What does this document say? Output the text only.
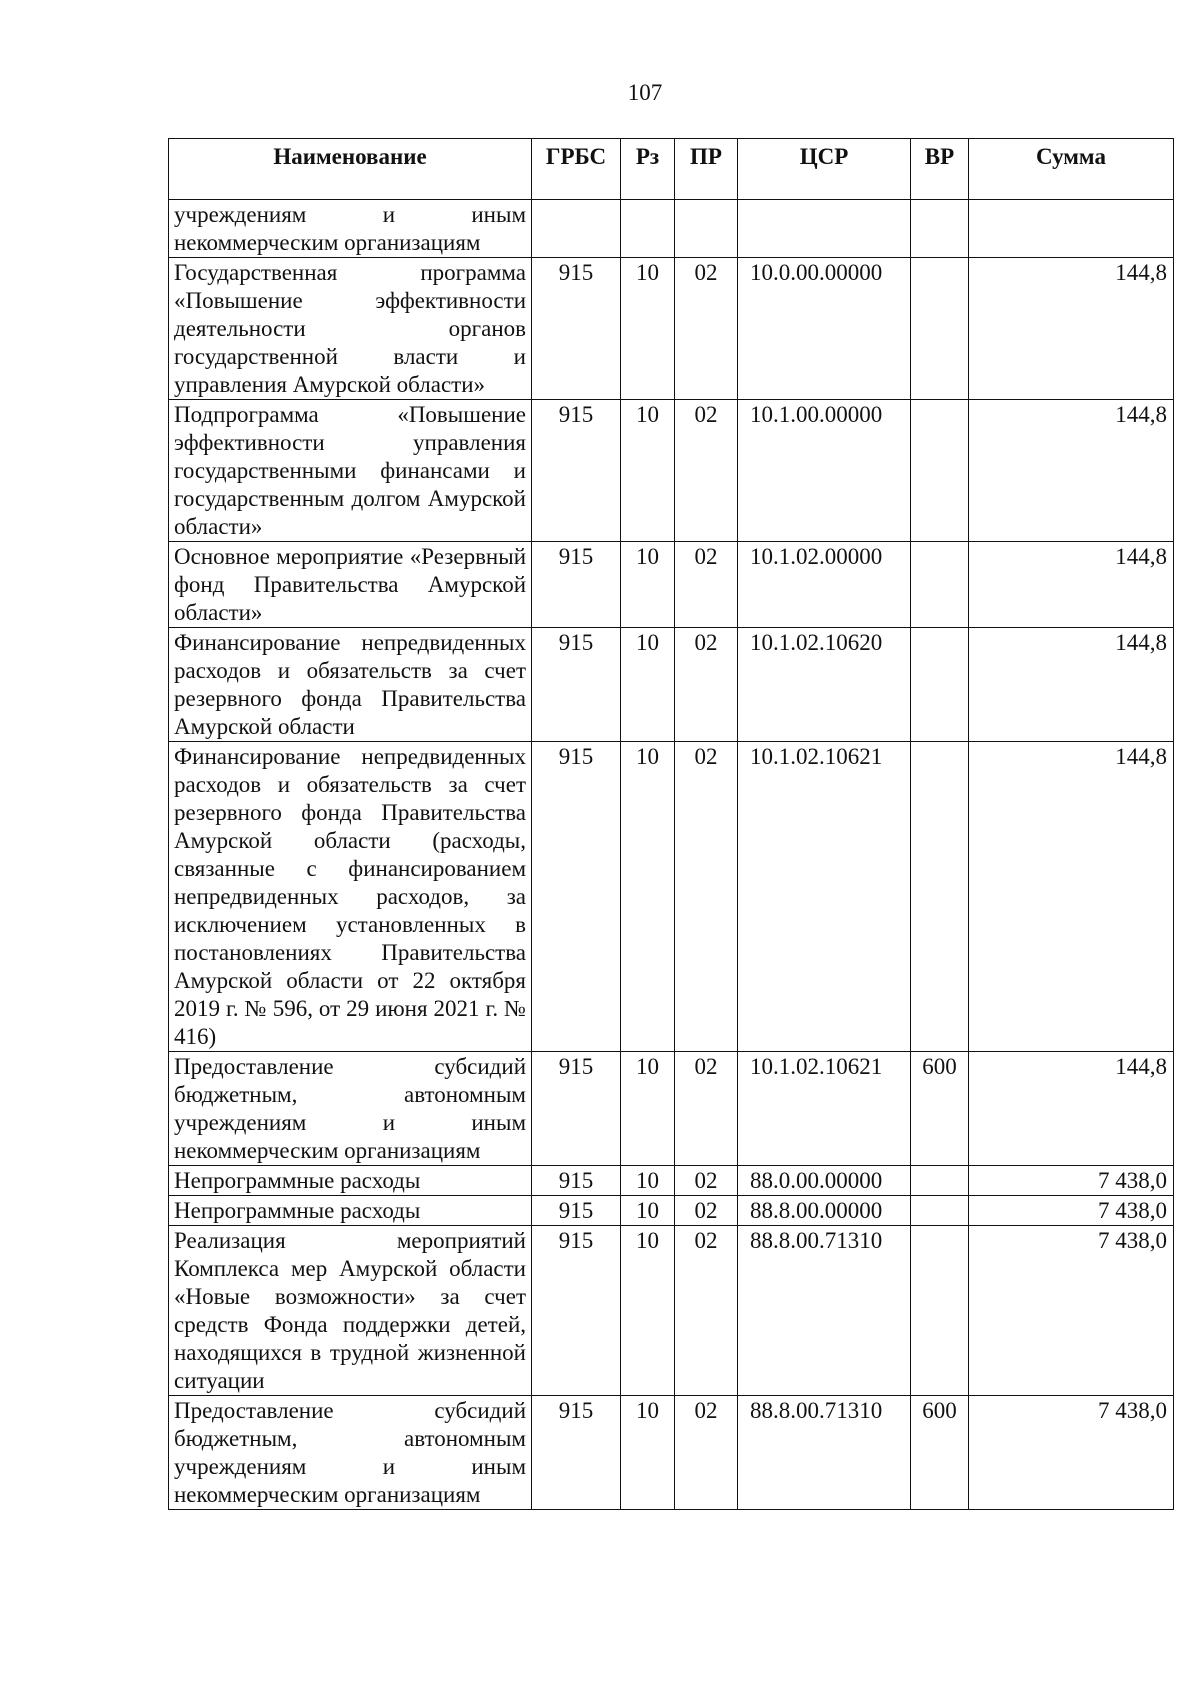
107
Наименование	ГРБС	Рз	ПР	ЦСР	ВР	Сумма
учреждениям и иным некоммерческим организациям						
Государственная программа «Повышение эффективности деятельности органов государственной власти и управления Амурской области»	915	10	02	10.0.00.00000		144,8
Подпрограмма «Повышение эффективности управления государственными финансами и государственным долгом Амурской области»	915	10	02	10.1.00.00000		144,8
Основное мероприятие «Резервный фонд Правительства Амурской области»	915	10	02	10.1.02.00000		144,8
Финансирование непредвиденных расходов и обязательств за счет резервного фонда Правительства Амурской области	915	10	02	10.1.02.10620		144,8
Финансирование непредвиденных расходов и обязательств за счет резервного фонда Правительства Амурской области (расходы, связанные с финансированием непредвиденных расходов, за исключением установленных в постановлениях Правительства Амурской области от 22 октября 2019 г. № 596, от 29 июня 2021 г. № 416)	915	10	02	10.1.02.10621		144,8
Предоставление субсидий бюджетным, автономным учреждениям и иным некоммерческим организациям	915	10	02	10.1.02.10621	600	144,8
Непрограммные расходы	915	10	02	88.0.00.00000		7 438,0
Непрограммные расходы	915	10	02	88.8.00.00000		7 438,0
Реализация мероприятий Комплекса мер Амурской области «Новые возможности» за счет средств Фонда поддержки детей, находящихся в трудной жизненной ситуации	915	10	02	88.8.00.71310		7 438,0
Предоставление субсидий бюджетным, автономным учреждениям и иным некоммерческим организациям	915	10	02	88.8.00.71310	600	7 438,0
